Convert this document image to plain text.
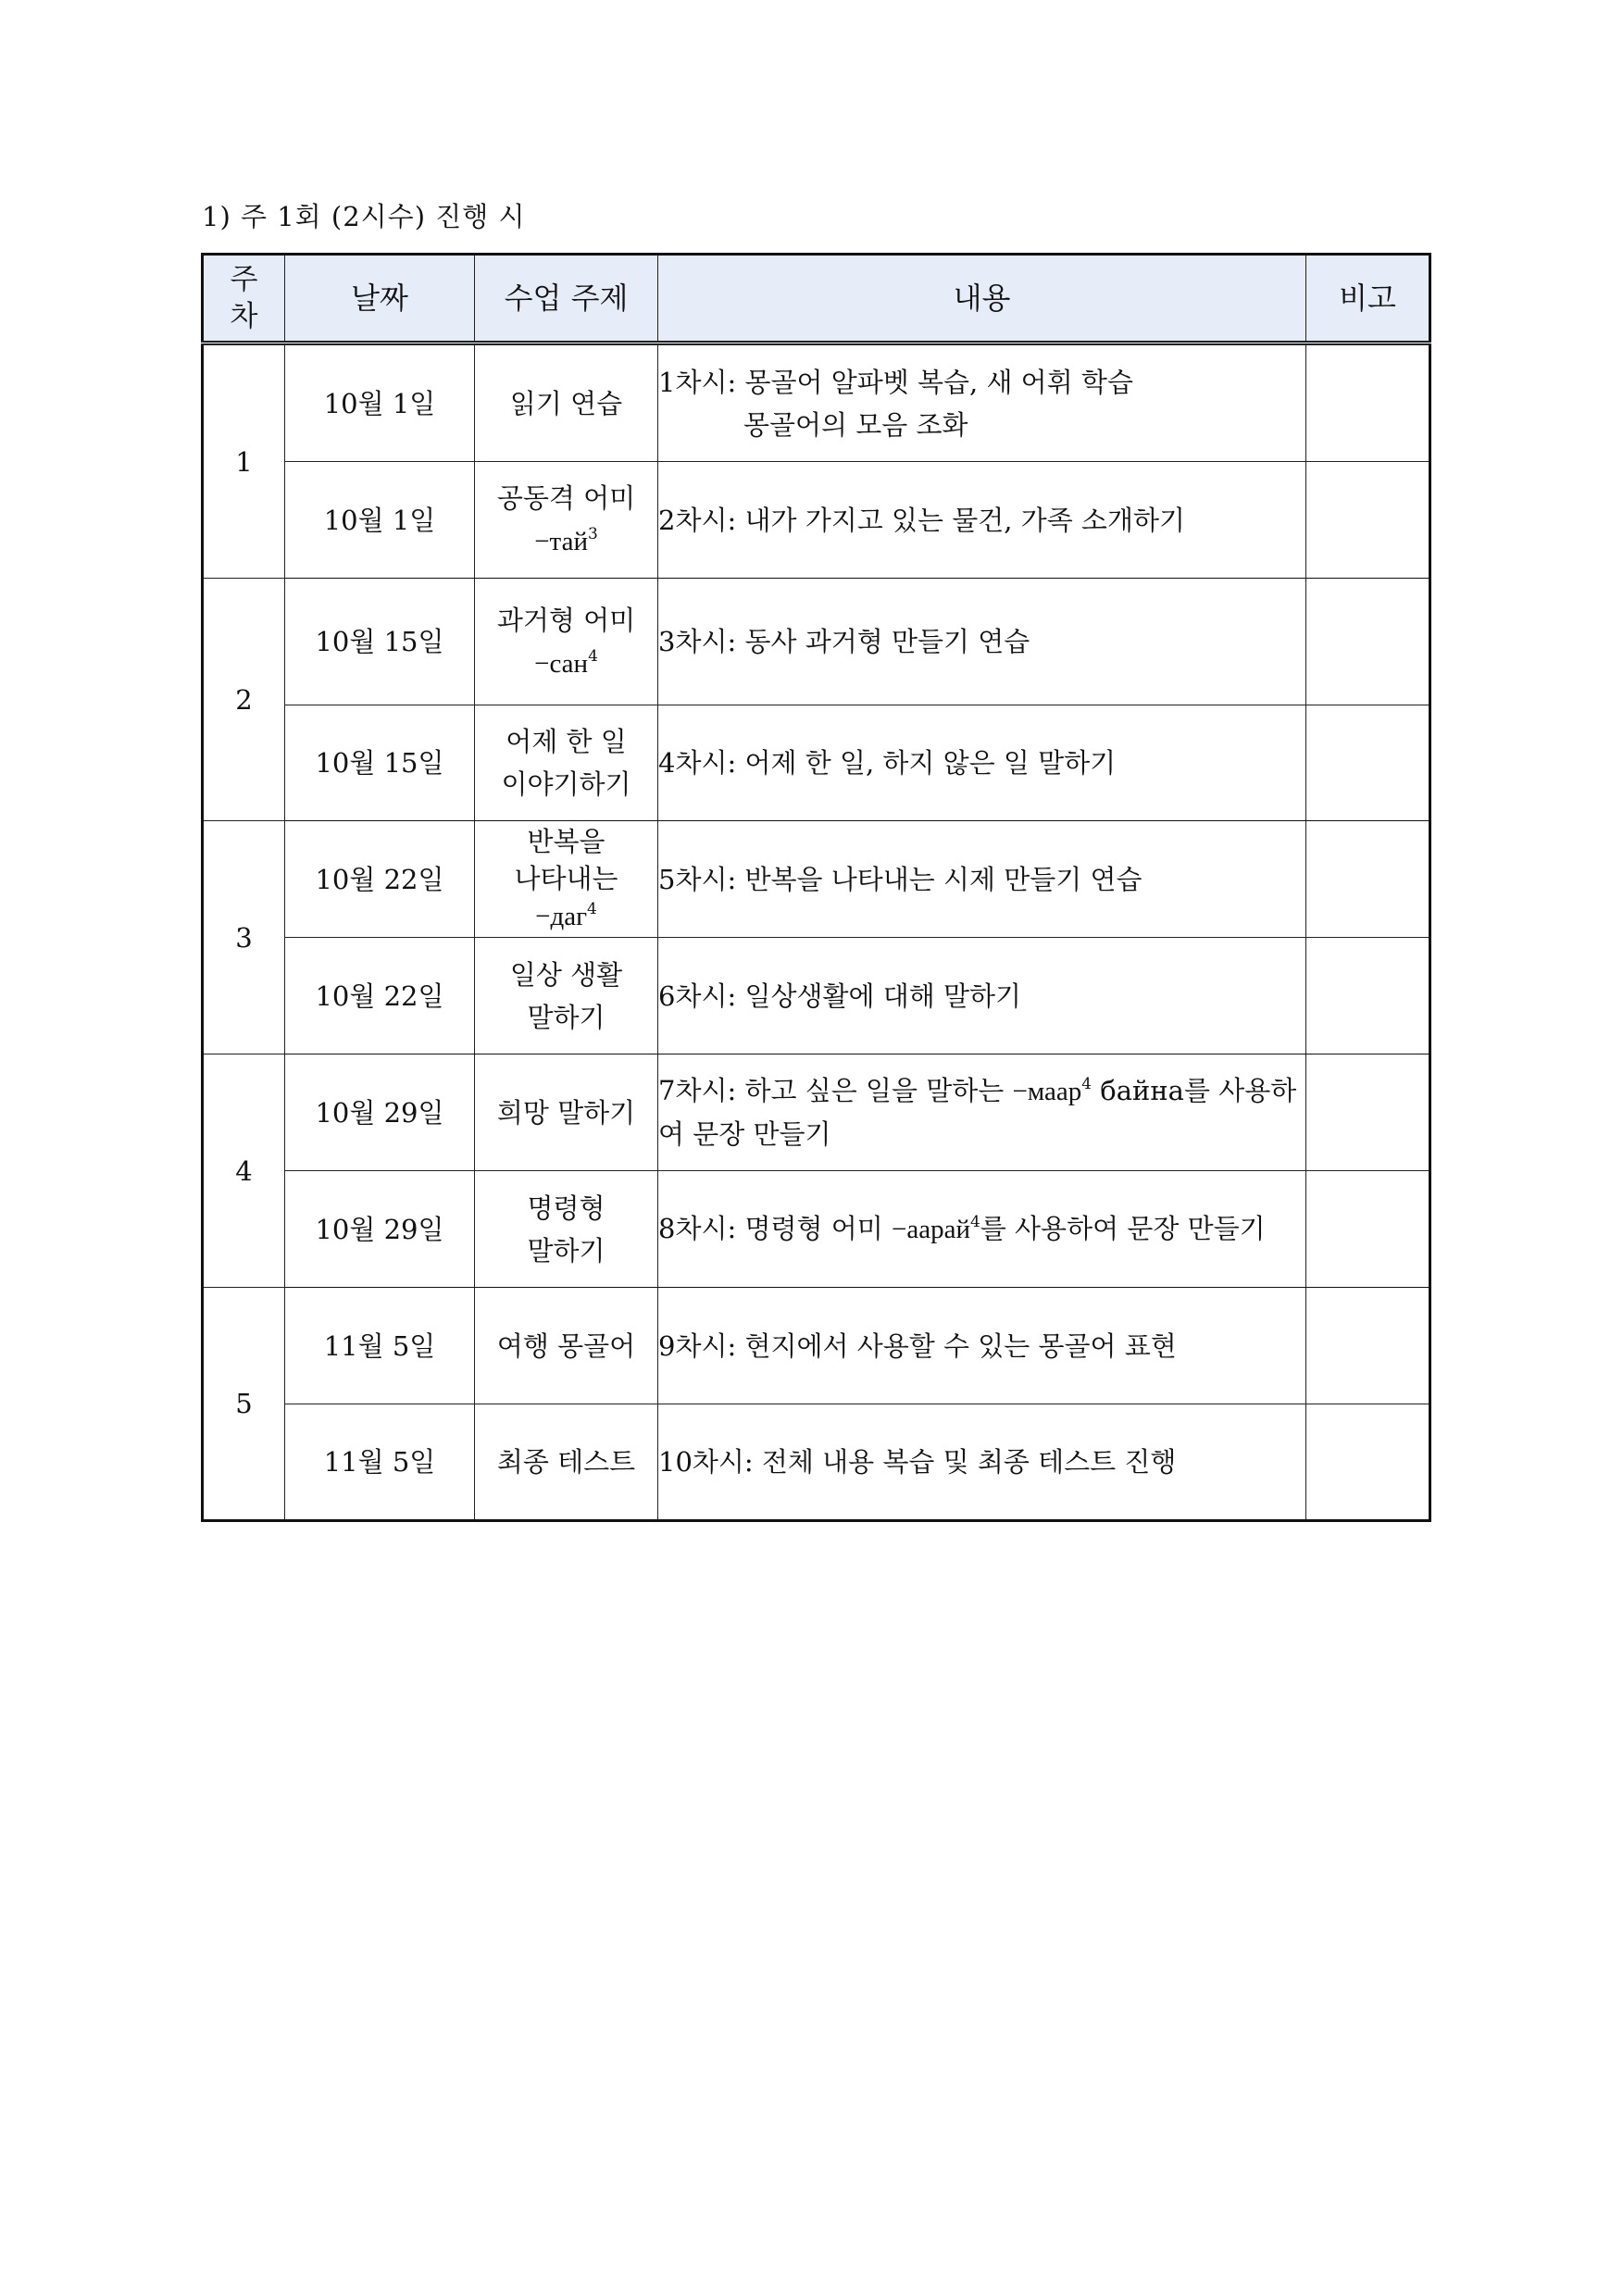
1) 주 1회 (2시수) 진행 시
주
차	날짜	수업 주제	내용	비고
1	10월 1일	읽기 연습	1차시: 몽골어 알파벳 복습, 새 어휘 학습
몽골어의 모음 조화	

	10월 1일	공동격 어미
−тай$^3$	2차시: 내가 가지고 있는 물건, 가족 소개하기	
2	10월 15일	과거형 어미
−сан$^4$	3차시: 동사 과거형 만들기 연습	
	10월 15일	어제 한 일
이야기하기	4차시: 어제 한 일, 하지 않은 일 말하기	
3	10월 22일	반복을
나타내는
−даг$^4$	5차시: 반복을 나타내는 시제 만들기 연습	
	10월 22일	일상 생활
말하기	6차시: 일상생활에 대해 말하기	
4	10월 29일	희망 말하기	7차시: 하고 싶은 일을 말하는 −маар$^4$ байна를 사용하여 문장 만들기	
	10월 29일	명령형
말하기	8차시: 명령형 어미 −аарай$^4$를 사용하여 문장 만들기	
5	11월 5일	여행 몽골어	9차시: 현지에서 사용할 수 있는 몽골어 표현	
	11월 5일	최종 테스트	10차시: 전체 내용 복습 및 최종 테스트 진행	
